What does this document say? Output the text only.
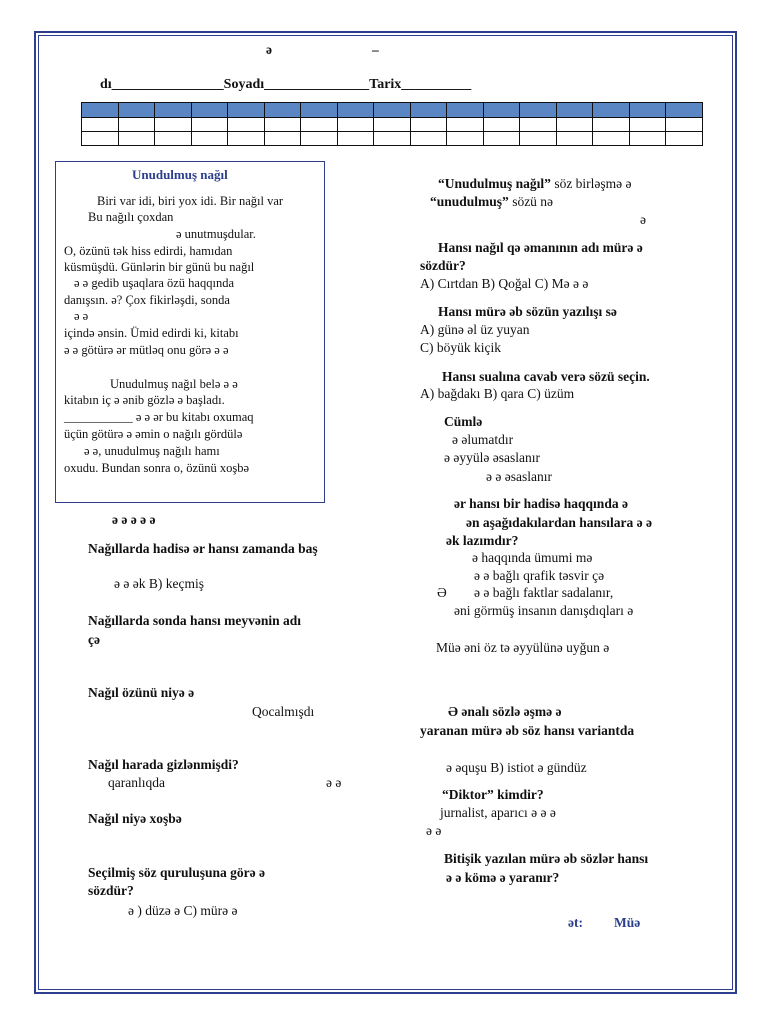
ə	–
dı________________Soyadı_______________Tarix__________

Unudulmuş nağıl
Biri var idi, biri yox idi. Bir nağıl var
Bu nağılı çoxdan
ə unutmuşdular.
O, özünü tək hiss edirdi, hamıdan
küsmüşdü. Günlərin bir günü bu nağıl
ə ə gedib uşaqlara özü haqqında
danışsın. ə? Çox fikirləşdi, sonda
ə ə
içində ənsin. Ümid edirdi ki, kitabı
ə ə götürə ər mütləq onu görə ə ə
Unudulmuş nağıl belə ə ə
kitabın iç ə ənib gözlə ə başladı.
___________ ə ə ər bu kitabı oxumaq
üçün götürə ə əmin o nağılı gördülə
ə ə, unudulmuş nağılı hamı
oxudu. Bundan sonra o, özünü xoşbə
ə ə ə ə ə
Nağıllarda hadisə ər hansı zamanda baş
ə ə ək B) keçmiş
Nağıllarda sonda hansı meyvənin adı
çə
Nağıl özünü niyə ə
Qocalmışdı
Nağıl harada gizlənmişdi?
qaranlıqda	ə ə
Nağıl niyə xoşbə
Seçilmiş söz quruluşuna görə ə
sözdür?
ə ) düzə ə C) mürə ə
“Unudulmuş nağıl” söz birləşmə ə
“unudulmuş” sözü nə
ə
Hansı nağıl qə əmanının adı mürə ə
sözdür?
A) Cırtdan B) Qoğal C) Mə ə ə
Hansı mürə əb sözün yazılışı sə
A) günə əl üz yuyan
C) böyük kiçik
Hansı sualına cavab verə sözü seçin.
A) bağdakı B) qara C) üzüm
Cümlə
ə əlumatdır
ə əyyülə əsaslanır
ə ə əsaslanır
ər hansı bir hadisə haqqında ə
ən aşağıdakılardan hansılara ə ə
ək lazımdır?
ə haqqında ümumi mə
ə ə bağlı qrafik təsvir çə
Ə ə ə bağlı faktlar sadalanır,
əni görmüş insanın danışdıqları ə
Müə əni öz tə əyyülünə uyğun ə
Ə ənalı sözlə əşmə ə
yaranan mürə əb söz hansı variantda
ə əquşu B) istiot ə gündüz
“Diktor” kimdir?
jurnalist, aparıcı ə ə ə
ə ə
Bitişik yazılan mürə əb sözlər hansı
ə ə kömə ə yaranır?
ət: Müə
